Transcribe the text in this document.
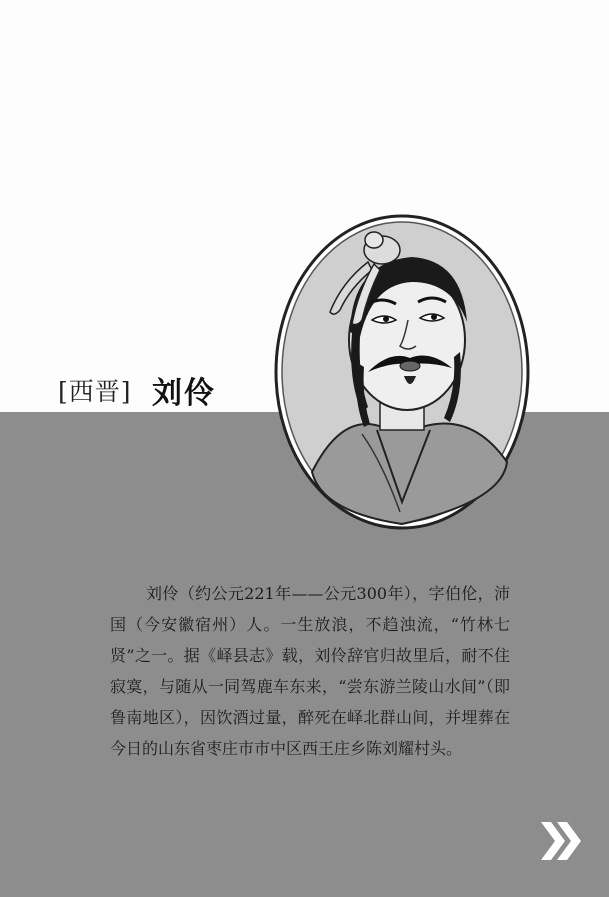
[西晋] 刘伶
刘伶（约公元221年——公元300年），字伯伦，沛国（今安徽宿州）人。一生放浪，不趋浊流，“竹林七贤”之一。据《峄县志》载，刘伶辞官归故里后，耐不住寂寞，与随从一同驾鹿车东来，“尝东游兰陵山水间”（即鲁南地区），因饮酒过量，醉死在峄北群山间，并埋葬在今日的山东省枣庄市市中区西王庄乡陈刘耀村头。
